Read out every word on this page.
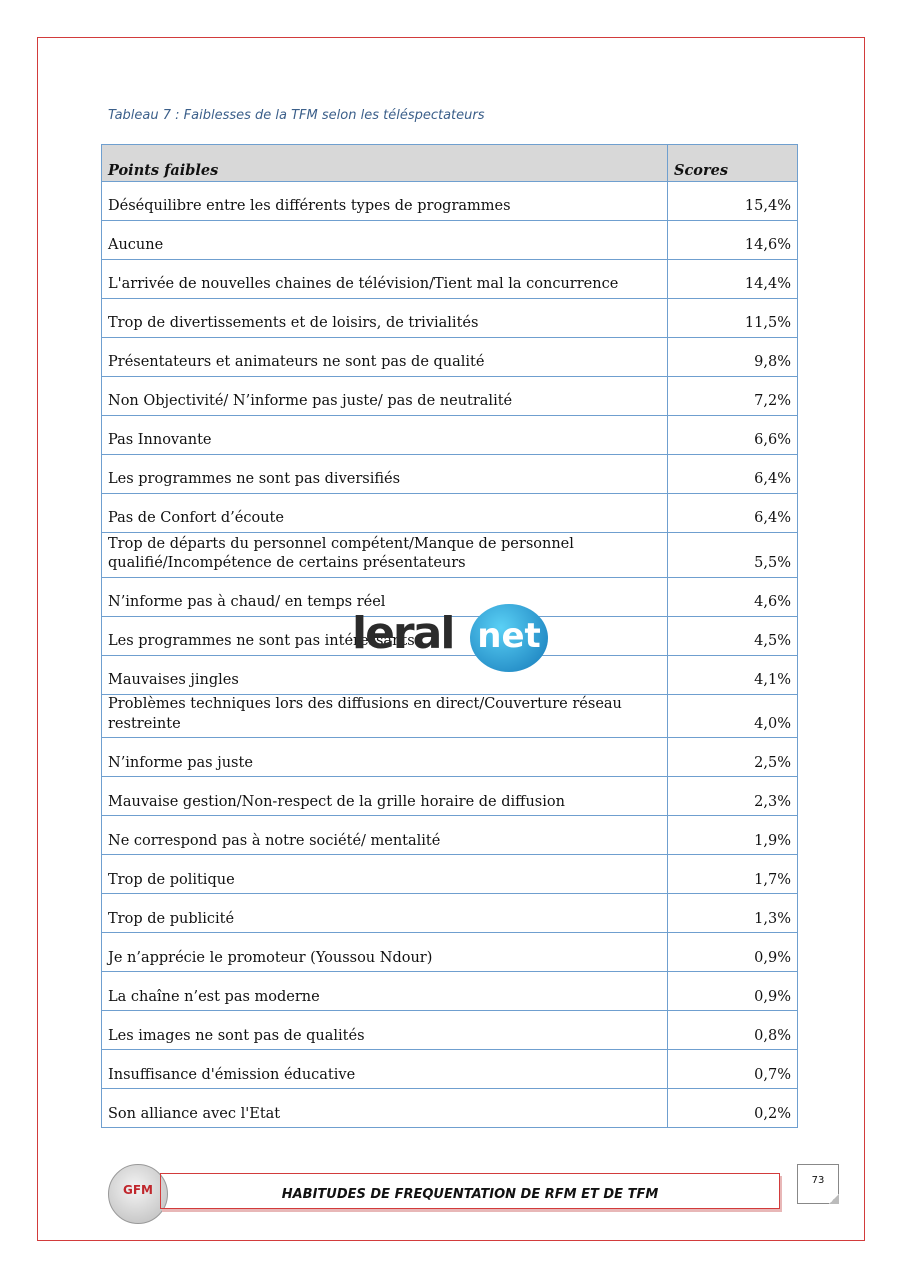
Tableau 7 : Faiblesses de la TFM selon les téléspectateurs
Points faibles	Scores
Déséquilibre entre les différents types de programmes	15,4%
Aucune	14,6%
L'arrivée de nouvelles chaines de télévision/Tient mal la concurrence	14,4%
Trop de divertissements et de loisirs, de trivialités	11,5%
Présentateurs et animateurs ne sont pas de qualité	9,8%
Non Objectivité/ N’informe pas juste/ pas de neutralité	7,2%
Pas Innovante	6,6%
Les programmes ne sont pas diversifiés	6,4%
Pas de Confort d’écoute	6,4%
Trop de départs du personnel compétent/Manque de personnel qualifié/Incompétence de certains présentateurs	5,5%
N’informe pas à chaud/ en temps réel	4,6%
Les programmes ne sont pas intéressants	4,5%
Mauvaises jingles	4,1%
Problèmes techniques lors des diffusions en direct/Couverture réseau restreinte	4,0%
N’informe pas juste	2,5%
Mauvaise gestion/Non-respect de la grille horaire de diffusion	2,3%
Ne correspond pas à notre société/ mentalité	1,9%
Trop de politique	1,7%
Trop de publicité	1,3%
Je n’apprécie le promoteur (Youssou Ndour)	0,9%
La chaîne n’est pas moderne	0,9%
Les images ne sont pas de qualités	0,8%
Insuffisance d'émission éducative	0,7%
Son alliance avec l'Etat	0,2%
leral net
GFM	HABITUDES DE FREQUENTATION DE RFM ET DE TFM
73
